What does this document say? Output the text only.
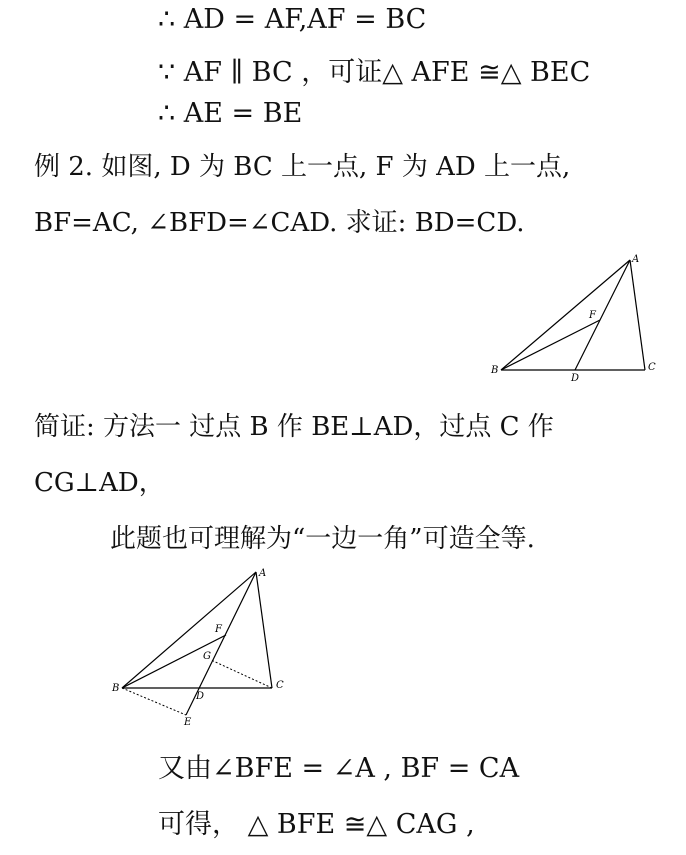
∴ AD = AF,AF = BC
∵ AF ∥ BC ，可证△ AFE ≅△ BEC
∴ AE = BE
例 2. 如图, D 为 BC 上一点, F 为 AD 上一点,
BF=AC, ∠BFD=∠CAD. 求证: BD=CD.
A
F
B
D
C
简证: 方法一 过点 B 作 BE⊥AD，过点 C 作
CG⊥AD，
此题也可理解为“一边一角”可造全等.
A
F
G
B
D
C
E
又由∠BFE = ∠A , BF = CA
可得， △ BFE ≅△ CAG ,
